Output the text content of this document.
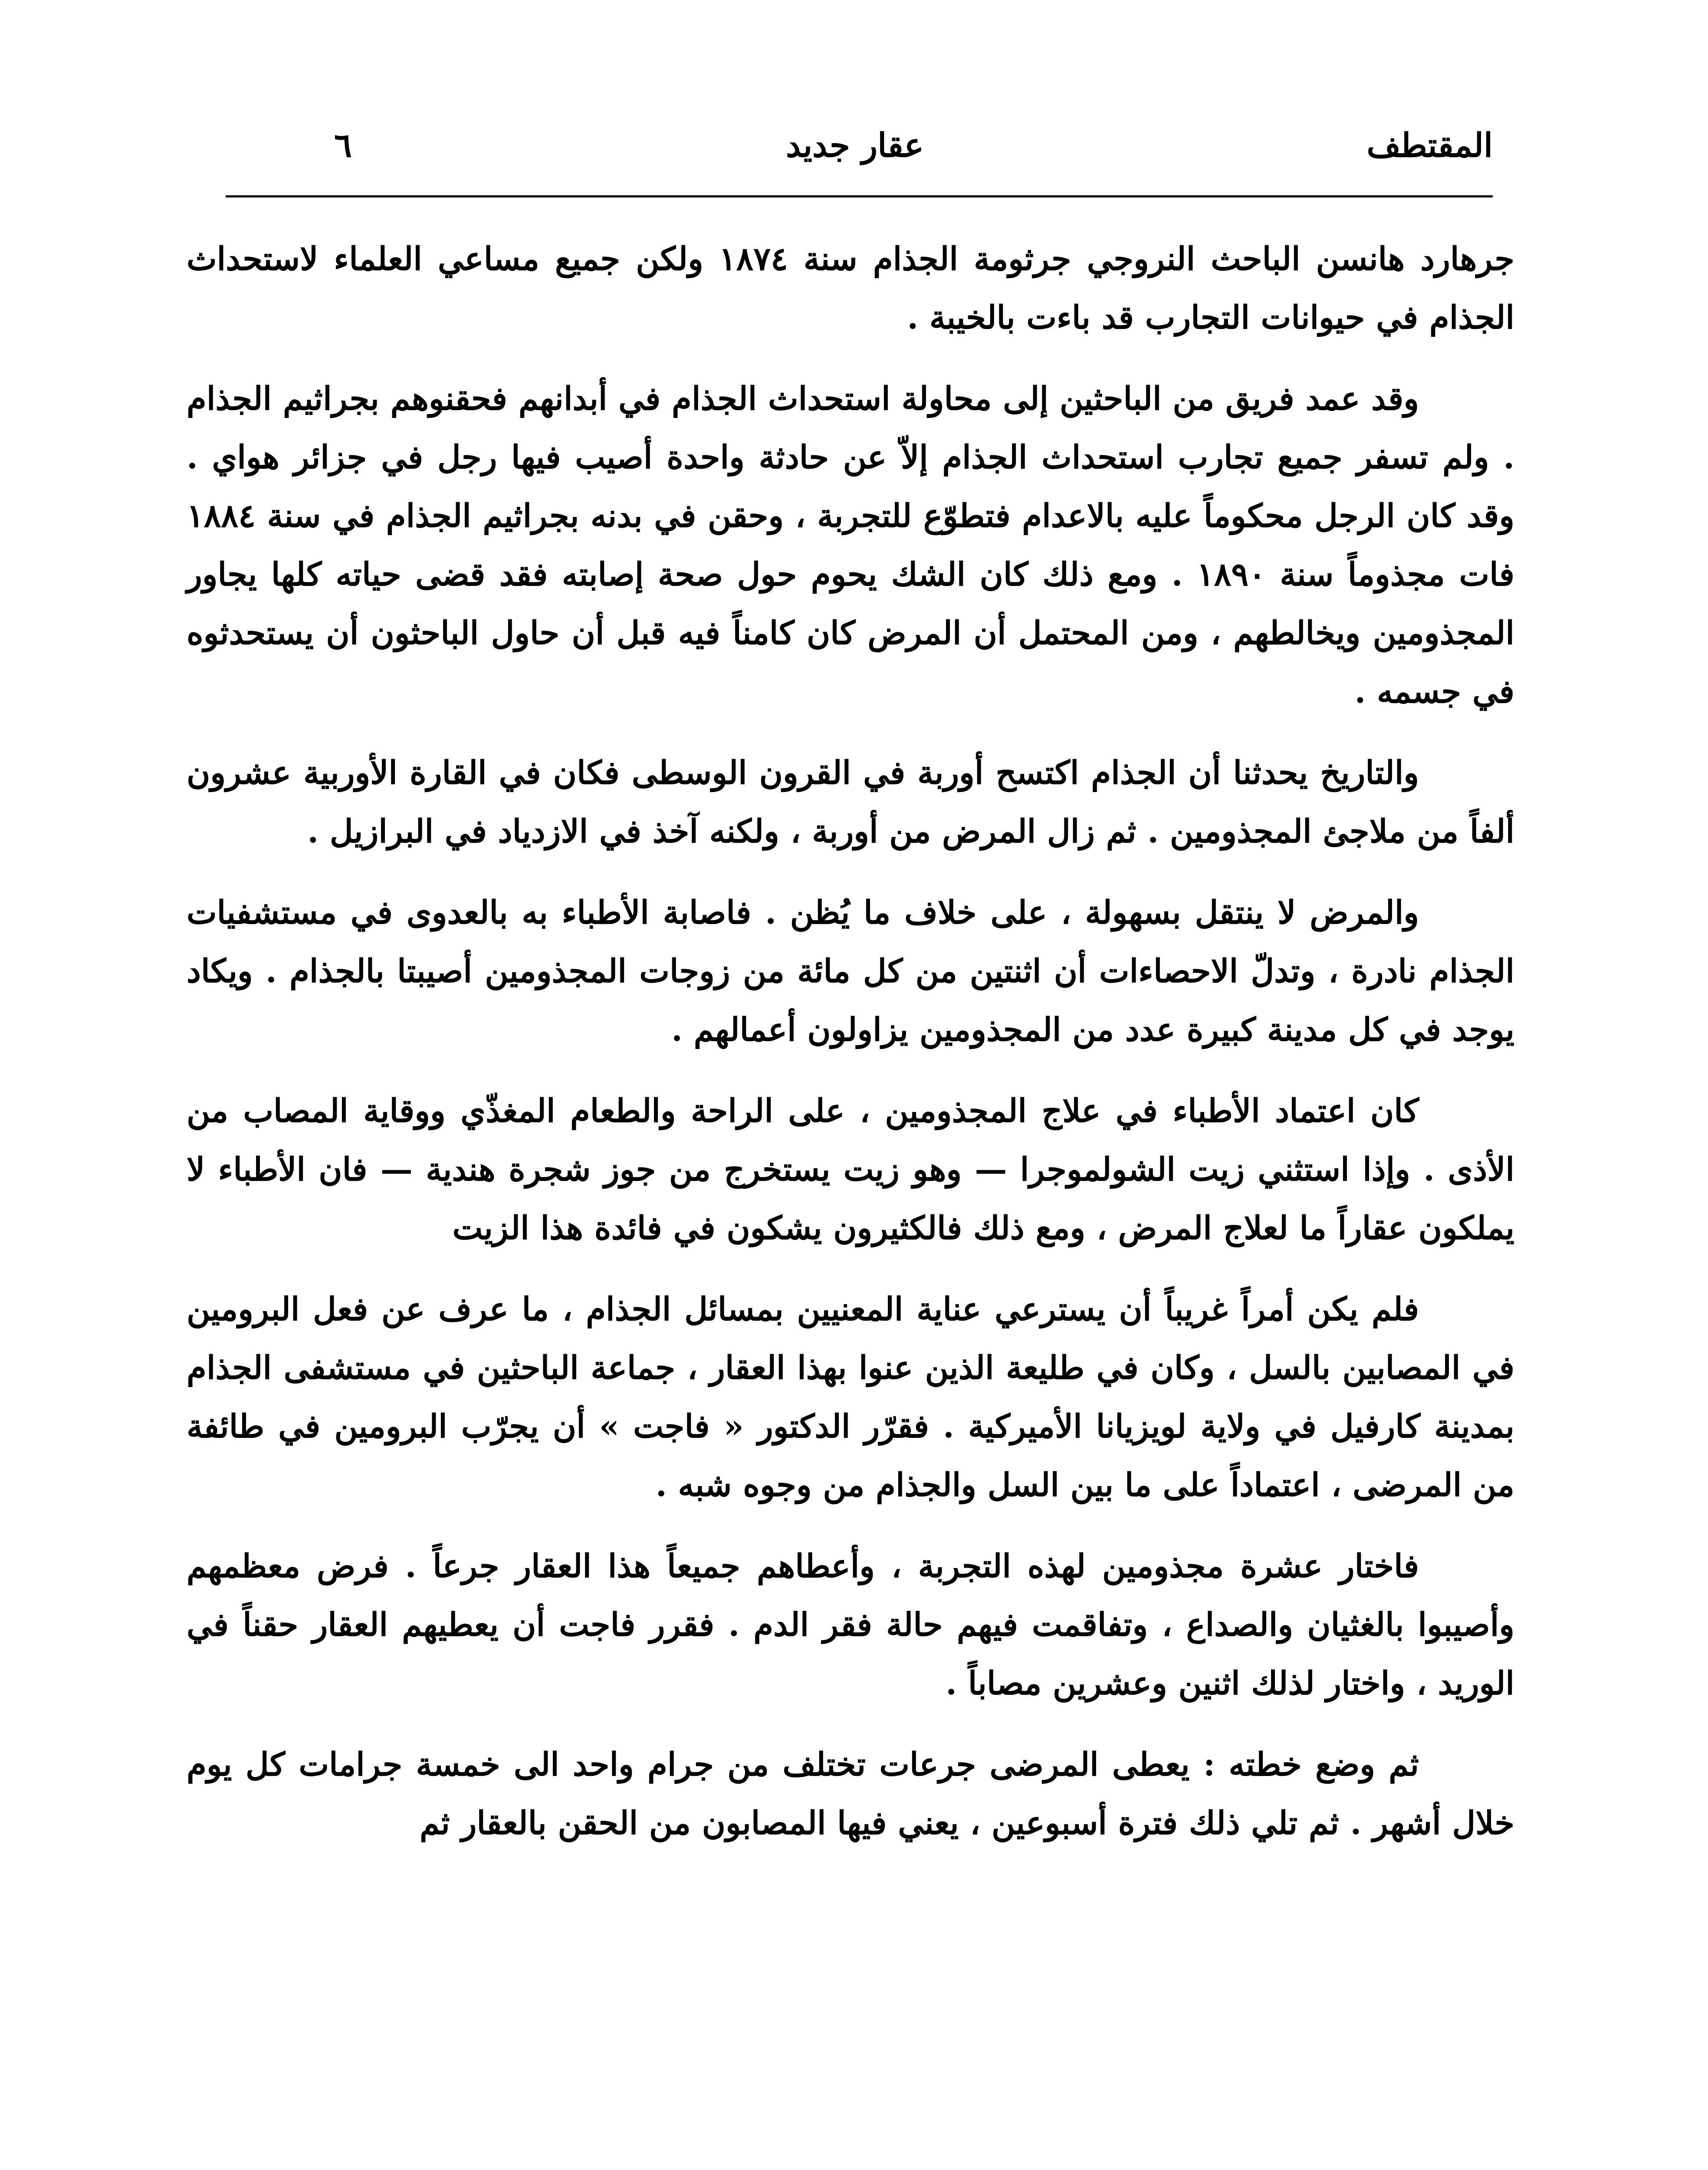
المقتطف
عقار جديد
٦

جرهارد هانسن الباحث النروجي جرثومة الجذام سنة ١٨٧٤ ولكن جميع مساعي العلماء لاستحداث الجذام في حيوانات التجارب قد باءت بالخيبة .

وقد عمد فريق من الباحثين إلى محاولة استحداث الجذام في أبدانهم فحقنوهم بجراثيم الجذام . ولم تسفر جميع تجارب استحداث الجذام إلاّ عن حادثة واحدة أصيب فيها رجل في جزائر هواي . وقد كان الرجل محكوماً عليه بالاعدام فتطوّع للتجربة ، وحقن في بدنه بجراثيم الجذام في سنة ١٨٨٤ فات مجذوماً سنة ١٨٩٠ . ومع ذلك كان الشك يحوم حول صحة إصابته فقد قضى حياته كلها يجاور المجذومين ويخالطهم ، ومن المحتمل أن المرض كان كامناً فيه قبل أن حاول الباحثون أن يستحدثوه في جسمه .

والتاريخ يحدثنا أن الجذام اكتسح أوربة في القرون الوسطى فكان في القارة الأوربية عشرون ألفاً من ملاجئ المجذومين . ثم زال المرض من أوربة ، ولكنه آخذ في الازدياد في البرازيل .

والمرض لا ينتقل بسهولة ، على خلاف ما يُظن . فاصابة الأطباء به بالعدوى في مستشفيات الجذام نادرة ، وتدلّ الاحصاءات أن اثنتين من كل مائة من زوجات المجذومين أصيبتا بالجذام . ويكاد يوجد في كل مدينة كبيرة عدد من المجذومين يزاولون أعمالهم .

كان اعتماد الأطباء في علاج المجذومين ، على الراحة والطعام المغذّي ووقاية المصاب من الأذى . وإذا استثني زيت الشولموجرا — وهو زيت يستخرج من جوز شجرة هندية — فان الأطباء لا يملكون عقاراً ما لعلاج المرض ، ومع ذلك فالكثيرون يشكون في فائدة هذا الزيت

فلم يكن أمراً غريباً أن يسترعي عناية المعنيين بمسائل الجذام ، ما عرف عن فعل البرومين في المصابين بالسل ، وكان في طليعة الذين عنوا بهذا العقار ، جماعة الباحثين في مستشفى الجذام بمدينة كارفيل في ولاية لويزيانا الأميركية . فقرّر الدكتور « فاجت » أن يجرّب البرومين في طائفة من المرضى ، اعتماداً على ما بين السل والجذام من وجوه شبه .

فاختار عشرة مجذومين لهذه التجربة ، وأعطاهم جميعاً هذا العقار جرعاً . فرض معظمهم وأصيبوا بالغثيان والصداع ، وتفاقمت فيهم حالة فقر الدم . فقرر فاجت أن يعطيهم العقار حقناً في الوريد ، واختار لذلك اثنين وعشرين مصاباً .

ثم وضع خطته : يعطى المرضى جرعات تختلف من جرام واحد الى خمسة جرامات كل يوم خلال أشهر . ثم تلي ذلك فترة أسبوعين ، يعني فيها المصابون من الحقن بالعقار ثم
